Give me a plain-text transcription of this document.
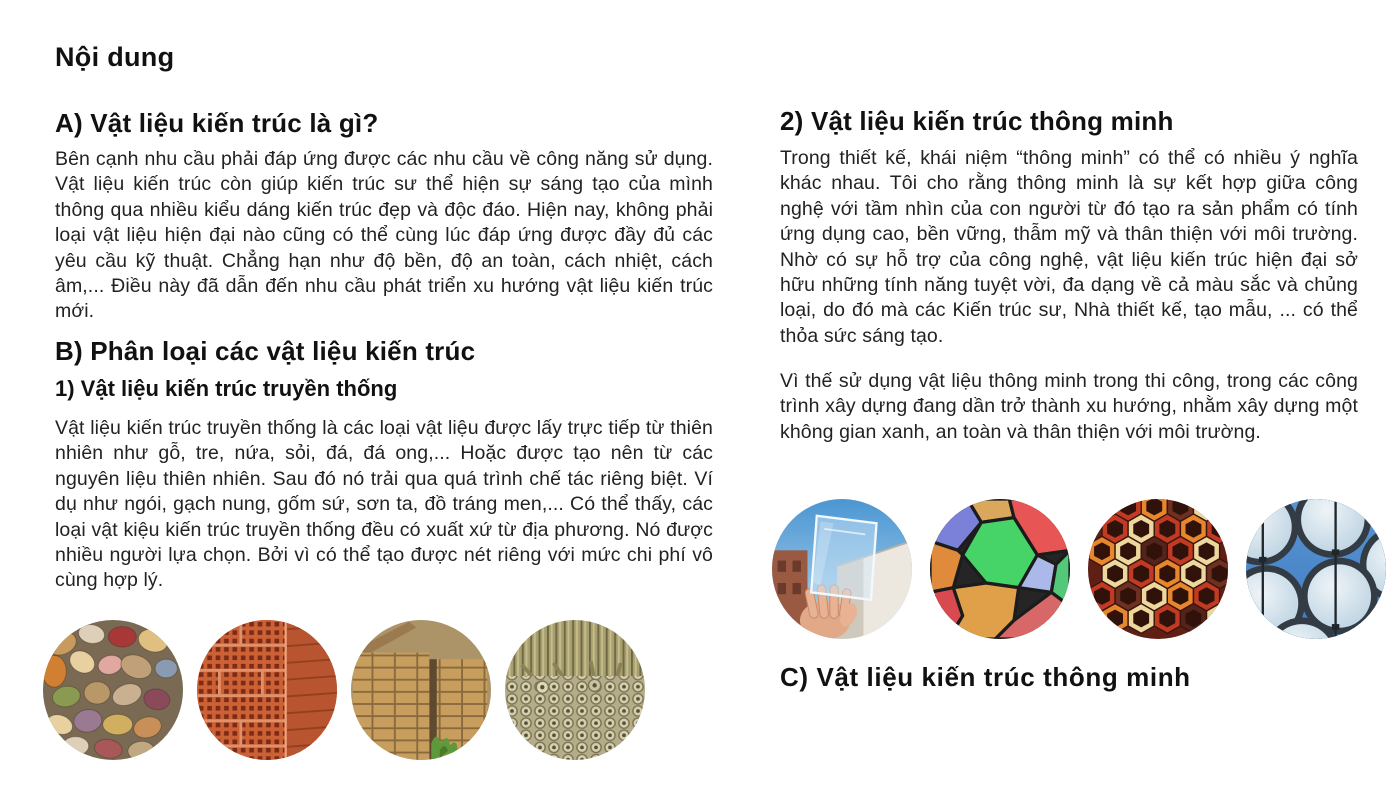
Nội dung
A) Vật liệu kiến trúc là gì?

Bên cạnh nhu cầu phải đáp ứng được các nhu cầu về công năng sử dụng. Vật liệu kiến trúc còn giúp kiến trúc sư thể hiện sự sáng tạo của mình thông qua nhiều kiểu dáng kiến trúc đẹp và độc đáo. Hiện nay, không phải loại vật liệu hiện đại nào cũng có thể cùng lúc đáp ứng được đầy đủ các yêu cầu kỹ thuật. Chẳng hạn như độ bền, độ an toàn, cách nhiệt, cách âm,... Điều này đã dẫn đến nhu cầu phát triển xu hướng vật liệu kiến trúc mới.

B) Phân loại các vật liệu kiến trúc
1) Vật liệu kiến trúc truyền thống

Vật liệu kiến trúc truyền thống là các loại vật liệu được lấy trực tiếp từ thiên nhiên như gỗ, tre, nứa, sỏi, đá, đá ong,... Hoặc được tạo nên từ các nguyên liệu thiên nhiên. Sau đó nó trải qua quá trình chế tác riêng biệt. Ví dụ như ngói, gạch nung, gốm sứ, sơn ta, đồ tráng men,... Có thể thấy, các loại vật kiệu kiến trúc truyền thống đều có xuất xứ từ địa phương. Nó được nhiều người lựa chọn. Bởi vì có thể tạo được nét riêng với mức chi phí vô cùng hợp lý.

2) Vật liệu kiến trúc thông minh

Trong thiết kế, khái niệm “thông minh” có thể có nhiều ý nghĩa khác nhau. Tôi cho rằng thông minh là sự kết hợp giữa công nghệ với tầm nhìn của con người từ đó tạo ra sản phẩm có tính ứng dụng cao, bền vững, thẫm mỹ và thân thiện với môi trường. Nhờ có sự hỗ trợ của công nghệ, vật liệu kiến trúc hiện đại sở hữu những tính năng tuyệt vời, đa dạng về cả màu sắc và chủng loại, do đó mà các Kiến trúc sư, Nhà thiết kế, tạo mẫu, ... có thể thỏa sức sáng tạo.

Vì thế sử dụng vật liệu thông minh trong thi công, trong các công trình xây dựng đang dần trở thành xu hướng, nhằm xây dựng một không gian xanh, an toàn và thân thiện với môi trường.

C) Vật liệu kiến trúc thông minh
